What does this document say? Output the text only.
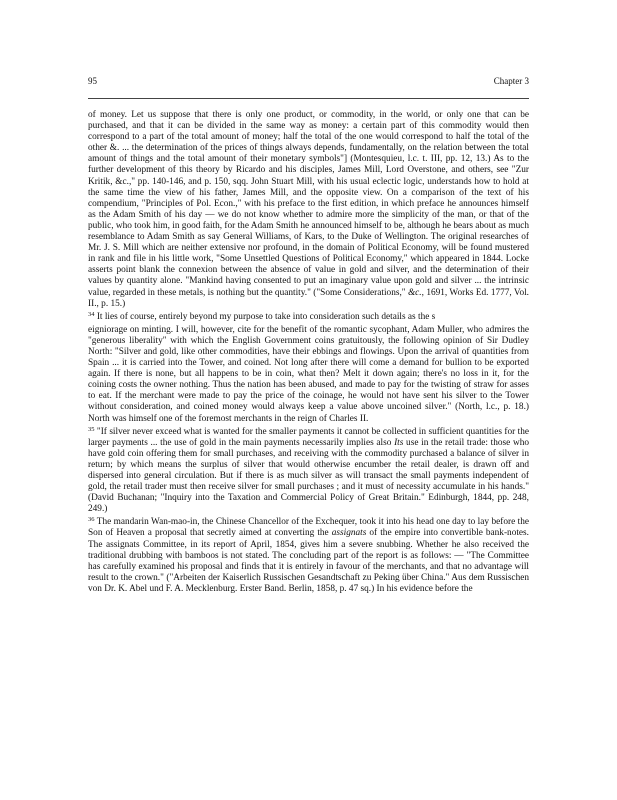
95	Chapter 3

of money. Let us suppose that there is only one product, or commodity, in the world, or only one that can be purchased, and that it can be divided in the same way as money: a certain part of this commodity would then correspond to a part of the total amount of money; half the total of the one would correspond to half the total of the other &. ... the determination of the prices of things always depends, fundamentally, on the relation between the total amount of things and the total amount of their monetary symbols"] (Montesquieu, l.c. t. III, pp. 12, 13.) As to the further development of this theory by Ricardo and his disciples, James Mill, Lord Overstone, and others, see "Zur Kritik, &c.," pp. 140-146, and p. 150, sqq. John Stuart Mill, with his usual eclectic logic, understands how to hold at the same time the view of his father, James Mill, and the opposite view. On a comparison of the text of his compendium, "Principles of Pol. Econ.," with his preface to the first edition, in which preface he announces himself as the Adam Smith of his day — we do not know whether to admire more the simplicity of the man, or that of the public, who took him, in good faith, for the Adam Smith he announced himself to be, although he bears about as much resemblance to Adam Smith as say General Williams, of Kars, to the Duke of Wellington. The original researches of Mr. J. S. Mill which are neither extensive nor profound, in the domain of Political Economy, will be found mustered in rank and file in his little work, "Some Unsettled Questions of Political Economy," which appeared in 1844. Locke asserts point blank the connexion between the absence of value in gold and silver, and the determination of their values by quantity alone. "Mankind having consented to put an imaginary value upon gold and silver ... the intrinsic value, regarded in these metals, is nothing but the quantity." ("Some Considerations," &c., 1691, Works Ed. 1777, Vol. II., p. 15.)

$^{34}$ It lies of course, entirely beyond my purpose to take into consideration such details as the s

eigniorage on minting. I will, however, cite for the benefit of the romantic sycophant, Adam Muller, who admires the "generous liberality" with which the English Government coins gratuitously, the following opinion of Sir Dudley North: "Silver and gold, like other commodities, have their ebbings and flowings. Upon the arrival of quantities from Spain ... it is carried into the Tower, and coined. Not long after there will come a demand for bullion to be exported again. If there is none, but all happens to be in coin, what then? Melt it down again; there's no loss in it, for the coining costs the owner nothing. Thus the nation has been abused, and made to pay for the twisting of straw for asses to eat. If the merchant were made to pay the price of the coinage, he would not have sent his silver to the Tower without consideration, and coined money would always keep a value above uncoined silver." (North, l.c., p. 18.) North was himself one of the foremost merchants in the reign of Charles II.

$^{35}$ "If silver never exceed what is wanted for the smaller payments it cannot be collected in sufficient quantities for the larger payments ... the use of gold in the main payments necessarily implies also Its use in the retail trade: those who have gold coin offering them for small purchases, and receiving with the commodity purchased a balance of silver in return; by which means the surplus of silver that would otherwise encumber the retail dealer, is drawn off and dispersed into general circulation. But if there is as much silver as will transact the small payments independent of gold, the retail trader must then receive silver for small purchases ; and it must of necessity accumulate in his hands." (David Buchanan; "Inquiry into the Taxation and Commercial Policy of Great Britain." Edinburgh, 1844, pp. 248, 249.)

$^{36}$ The mandarin Wan-mao-in, the Chinese Chancellor of the Exchequer, took it into his head one day to lay before the Son of Heaven a proposal that secretly aimed at converting the assignats of the empire into convertible bank-notes. The assignats Committee, in its report of April, 1854, gives him a severe snubbing. Whether he also received the traditional drubbing with bamboos is not stated. The concluding part of the report is as follows: — "The Committee has carefully examined his proposal and finds that it is entirely in favour of the merchants, and that no advantage will result to the crown." ("Arbeiten der Kaiserlich Russischen Gesandtschaft zu Peking über China." Aus dem Russischen von Dr. K. Abel und F. A. Mecklenburg. Erster Band. Berlin, 1858, p. 47 sq.) In his evidence before the
